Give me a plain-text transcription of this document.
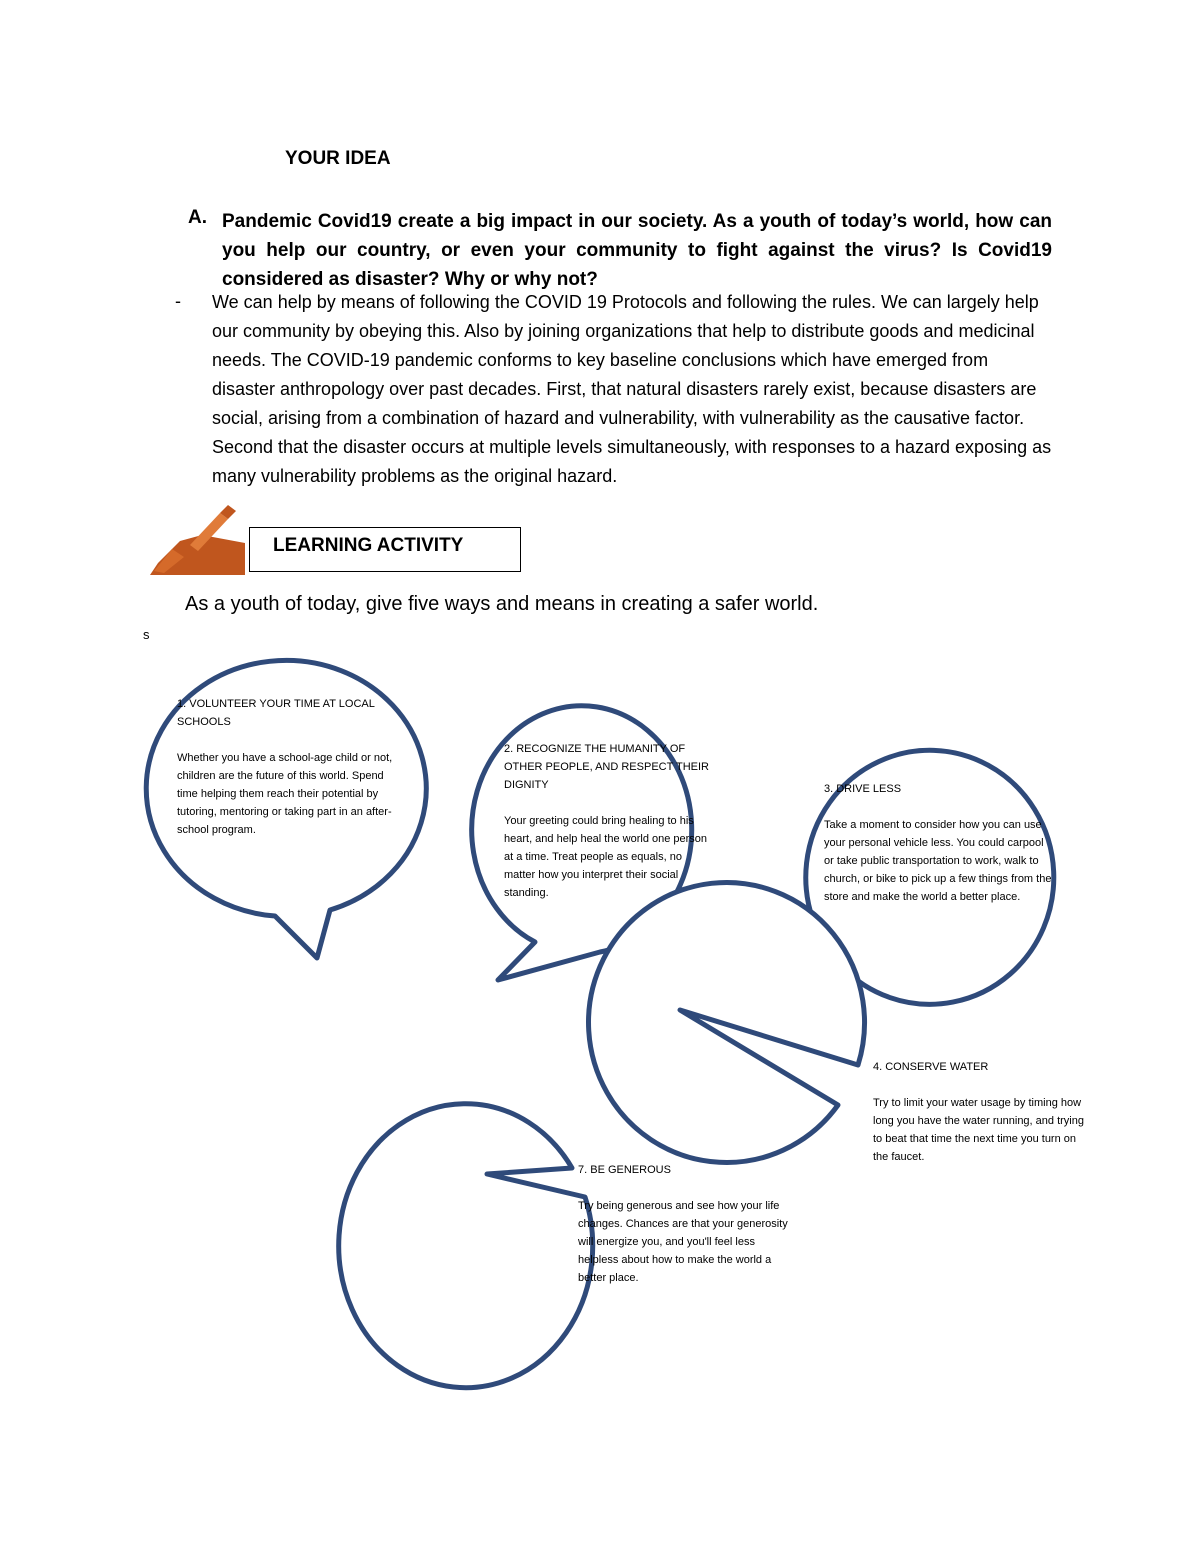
YOUR IDEA
A. Pandemic Covid19 create a big impact in our society. As a youth of today’s world, how can you help our country, or even your community to fight against the virus? Is Covid19 considered as disaster? Why or why not?
- We can help by means of following the COVID 19 Protocols and following the rules. We can largely help our community by obeying this. Also by joining organizations that help to distribute goods and medicinal needs. The COVID-19 pandemic conforms to key baseline conclusions which have emerged from disaster anthropology over past decades. First, that natural disasters rarely exist, because disasters are social, arising from a combination of hazard and vulnerability, with vulnerability as the causative factor. Second that the disaster occurs at multiple levels simultaneously, with responses to a hazard exposing as many vulnerability problems as the original hazard.
LEARNING ACTIVITY
As a youth of today, give five ways and means in creating a safer world.
s

1. VOLUNTEER YOUR TIME AT LOCAL SCHOOLS

Whether you have a school-age child or not, children are the future of this world. Spend time helping them reach their potential by tutoring, mentoring or taking part in an after-school program.

2. RECOGNIZE THE HUMANITY OF OTHER PEOPLE, AND RESPECT THEIR DIGNITY

Your greeting could bring healing to his heart, and help heal the world one person at a time. Treat people as equals, no matter how you interpret their social standing.

3. DRIVE LESS

Take a moment to consider how you can use your personal vehicle less. You could carpool or take public transportation to work, walk to church, or bike to pick up a few things from the store and make the world a better place.

4. CONSERVE WATER

Try to limit your water usage by timing how long you have the water running, and trying to beat that time the next time you turn on the faucet.

7. BE GENEROUS

Try being generous and see how your life changes. Chances are that your generosity will energize you, and you'll feel less helpless about how to make the world a better place.
